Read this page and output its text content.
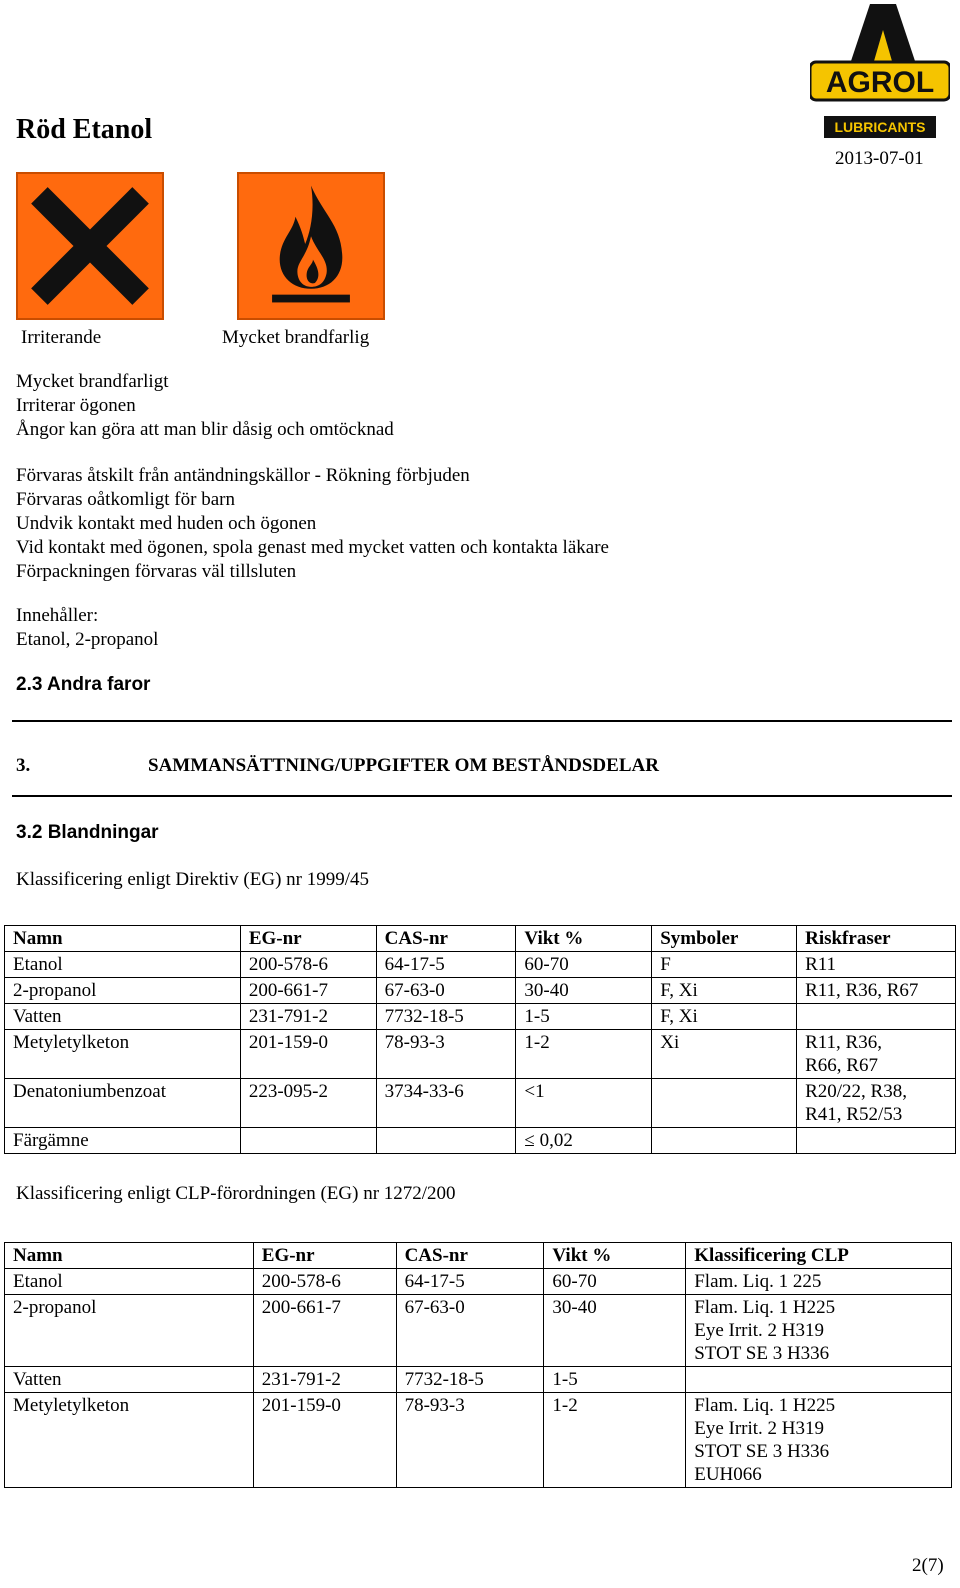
AGROL
LUBRICANTS
Röd Etanol
2013-07-01
Irriterande	Mycket brandfarlig
Mycket brandfarligt
Irriterar ögonen
Ångor kan göra att man blir dåsig och omtöcknad
Förvaras åtskilt från antändningskällor - Rökning förbjuden
Förvaras oåtkomligt för barn
Undvik kontakt med huden och ögonen
Vid kontakt med ögonen, spola genast med mycket vatten och kontakta läkare
Förpackningen förvaras väl tillsluten
Innehåller:
Etanol, 2-propanol
2.3 Andra faror
3.	SAMMANSÄTTNING/UPPGIFTER OM BESTÅNDSDELAR
3.2 Blandningar
Klassificering enligt Direktiv (EG) nr 1999/45
Namn	EG-nr	CAS-nr	Vikt %	Symboler	Riskfraser
Etanol	200-578-6	64-17-5	60-70	F	R11
2-propanol	200-661-7	67-63-0	30-40	F, Xi	R11, R36, R67
Vatten	231-791-2	7732-18-5	1-5	F, Xi	
Metyletylketon	201-159-0	78-93-3	1-2	Xi	R11, R36,
R66, R67
Denatoniumbenzoat	223-095-2	3734-33-6	<1		R20/22, R38,
R41, R52/53
Färgämne			≤ 0,02		
Klassificering enligt CLP-förordningen (EG) nr 1272/200
Namn	EG-nr	CAS-nr	Vikt %	Klassificering CLP
Etanol	200-578-6	64-17-5	60-70	Flam. Liq. 1 225
2-propanol	200-661-7	67-63-0	30-40	Flam. Liq. 1 H225
Eye Irrit. 2 H319
STOT SE 3 H336
Vatten	231-791-2	7732-18-5	1-5	
Metyletylketon	201-159-0	78-93-3	1-2	Flam. Liq. 1 H225
Eye Irrit. 2 H319
STOT SE 3 H336
EUH066
2(7)
